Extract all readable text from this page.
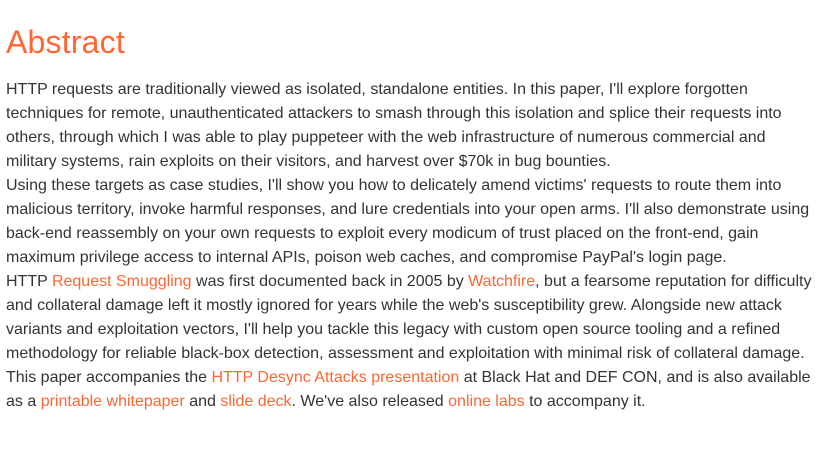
Abstract

HTTP requests are traditionally viewed as isolated, standalone entities. In this paper, I'll explore forgotten techniques for remote, unauthenticated attackers to smash through this isolation and splice their requests into others, through which I was able to play puppeteer with the web infrastructure of numerous commercial and military systems, rain exploits on their visitors, and harvest over $70k in bug bounties.

Using these targets as case studies, I'll show you how to delicately amend victims' requests to route them into malicious territory, invoke harmful responses, and lure credentials into your open arms. I'll also demonstrate using back-end reassembly on your own requests to exploit every modicum of trust placed on the front-end, gain maximum privilege access to internal APIs, poison web caches, and compromise PayPal's login page.

HTTP Request Smuggling was first documented back in 2005 by Watchfire, but a fearsome reputation for difficulty and collateral damage left it mostly ignored for years while the web's susceptibility grew. Alongside new attack variants and exploitation vectors, I'll help you tackle this legacy with custom open source tooling and a refined methodology for reliable black-box detection, assessment and exploitation with minimal risk of collateral damage.

This paper accompanies the HTTP Desync Attacks presentation at Black Hat and DEF CON, and is also available as a printable whitepaper and slide deck. We've also released online labs to accompany it.
